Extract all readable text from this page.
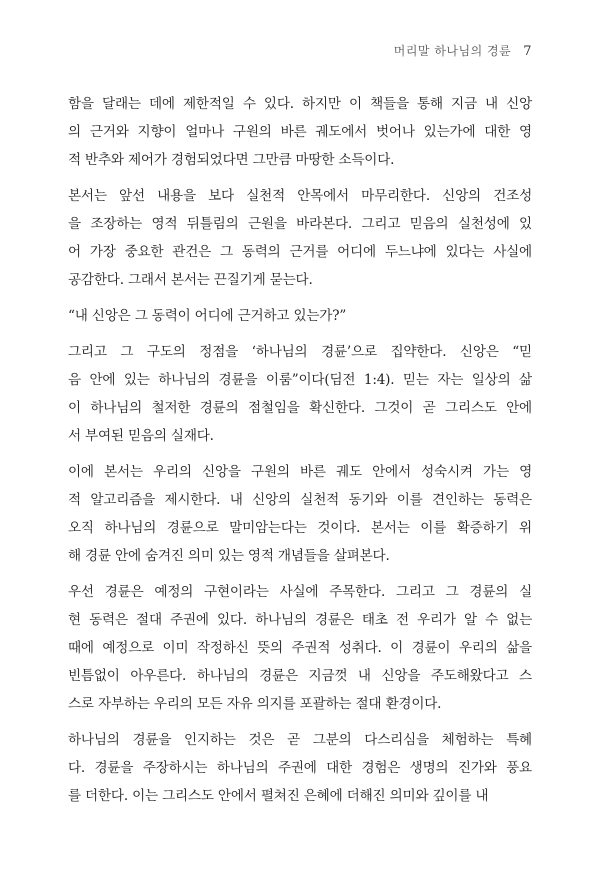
머리말 하나님의 경륜 7
함을 달래는 데에 제한적일 수 있다. 하지만 이 책들을 통해 지금 내 신앙
의 근거와 지향이 얼마나 구원의 바른 궤도에서 벗어나 있는가에 대한 영
적 반추와 제어가 경험되었다면 그만큼 마땅한 소득이다.
본서는 앞선 내용을 보다 실천적 안목에서 마무리한다. 신앙의 건조성
을 조장하는 영적 뒤틀림의 근원을 바라본다. 그리고 믿음의 실천성에 있
어 가장 중요한 관건은 그 동력의 근거를 어디에 두느냐에 있다는 사실에
공감한다. 그래서 본서는 끈질기게 묻는다.
“내 신앙은 그 동력이 어디에 근거하고 있는가?”
그리고 그 구도의 정점을 ‘하나님의 경륜’으로 집약한다. 신앙은 “믿
음 안에 있는 하나님의 경륜을 이룸”이다(딤전 1:4). 믿는 자는 일상의 삶
이 하나님의 철저한 경륜의 점철임을 확신한다. 그것이 곧 그리스도 안에
서 부여된 믿음의 실재다.
이에 본서는 우리의 신앙을 구원의 바른 궤도 안에서 성숙시켜 가는 영
적 알고리즘을 제시한다. 내 신앙의 실천적 동기와 이를 견인하는 동력은
오직 하나님의 경륜으로 말미암는다는 것이다. 본서는 이를 확증하기 위
해 경륜 안에 숨겨진 의미 있는 영적 개념들을 살펴본다.
우선 경륜은 예정의 구현이라는 사실에 주목한다. 그리고 그 경륜의 실
현 동력은 절대 주권에 있다. 하나님의 경륜은 태초 전 우리가 알 수 없는
때에 예정으로 이미 작정하신 뜻의 주권적 성취다. 이 경륜이 우리의 삶을
빈틈없이 아우른다. 하나님의 경륜은 지금껏 내 신앙을 주도해왔다고 스
스로 자부하는 우리의 모든 자유 의지를 포괄하는 절대 환경이다.
하나님의 경륜을 인지하는 것은 곧 그분의 다스리심을 체험하는 특혜
다. 경륜을 주장하시는 하나님의 주권에 대한 경험은 생명의 진가와 풍요
를 더한다. 이는 그리스도 안에서 펼쳐진 은혜에 더해진 의미와 깊이를 내
